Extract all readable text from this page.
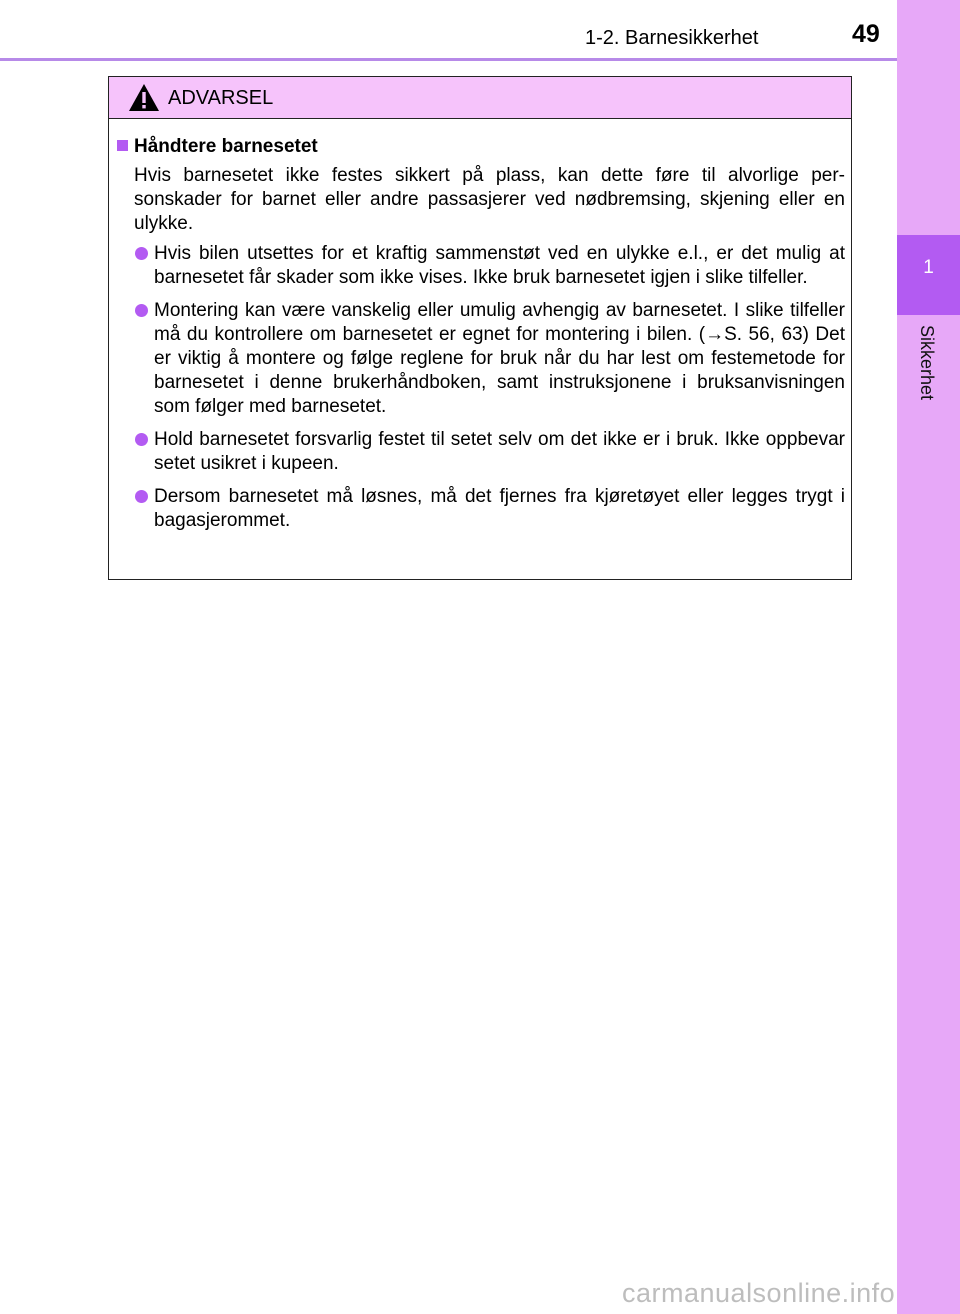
1-2. Barnesikkerhet	49
1
Sikkerhet
ADVARSEL
Håndtere barnesetet
Hvis barnesetet ikke festes sikkert på plass, kan dette føre til alvorlige per-sonskader for barnet eller andre passasjerer ved nødbremsing, skjening eller en ulykke.
Hvis bilen utsettes for et kraftig sammenstøt ved en ulykke e.l., er det mulig at barnesetet får skader som ikke vises. Ikke bruk barnesetet igjen i slike tilfeller.
Montering kan være vanskelig eller umulig avhengig av barnesetet. I slike tilfeller må du kontrollere om barnesetet er egnet for montering i bilen. (→S. 56, 63) Det er viktig å montere og følge reglene for bruk når du har lest om festemetode for barnesetet i denne brukerhåndboken, samt instruksjonene i bruksanvisningen som følger med barnesetet.
Hold barnesetet forsvarlig festet til setet selv om det ikke er i bruk. Ikke oppbevar setet usikret i kupeen.
Dersom barnesetet må løsnes, må det fjernes fra kjøretøyet eller legges trygt i bagasjerommet.
carmanualsonline.info
